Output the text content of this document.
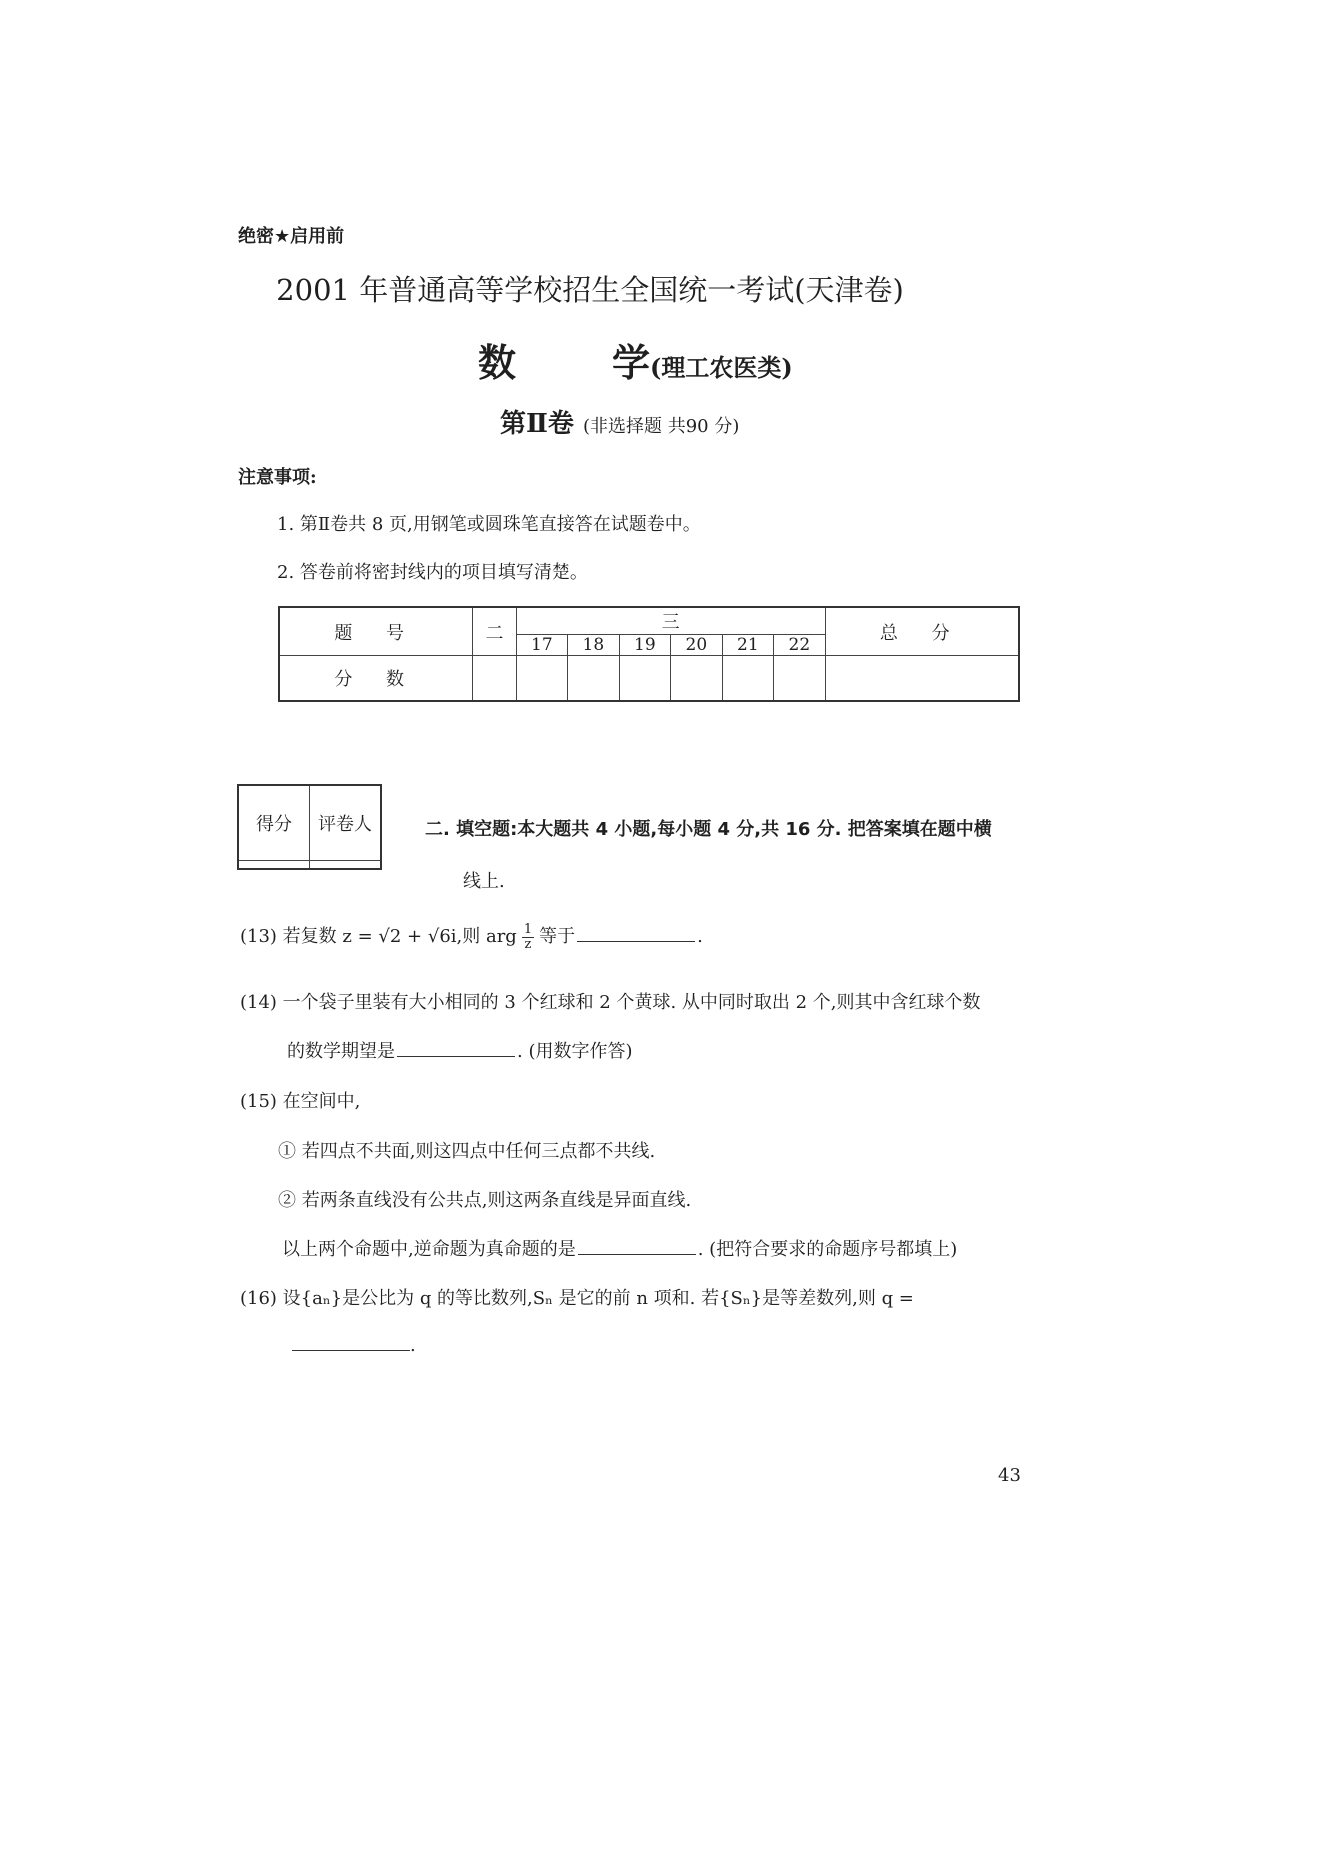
绝密★启用前
2001 年普通高等学校招生全国统一考试(天津卷)
数	学(理工农医类)
第Ⅱ卷 (非选择题 共90 分)
注意事项:
1. 第Ⅱ卷共 8 页,用钢笔或圆珠笔直接答在试题卷中。
2. 答卷前将密封线内的项目填写清楚。
题 号	二	三						总 分
		17	18	19	20	21	22	
分 数								
得分	评卷人
		二. 填空题:本大题共 4 小题,每小题 4 分,共 16 分. 把答案填在题中横
线上.
(13) 若复数 z = √2 + √6i,则 arg $\frac{1}{z}$ 等于	.
(14) 一个袋子里装有大小相同的 3 个红球和 2 个黄球. 从中同时取出 2 个,则其中含红球个数
的数学期望是	. (用数字作答)
(15) 在空间中,
① 若四点不共面,则这四点中任何三点都不共线.
② 若两条直线没有公共点,则这两条直线是异面直线.
以上两个命题中,逆命题为真命题的是	. (把符合要求的命题序号都填上)
(16) 设{aₙ}是公比为 q 的等比数列,Sₙ 是它的前 n 项和. 若{Sₙ}是等差数列,则 q =
.
43
